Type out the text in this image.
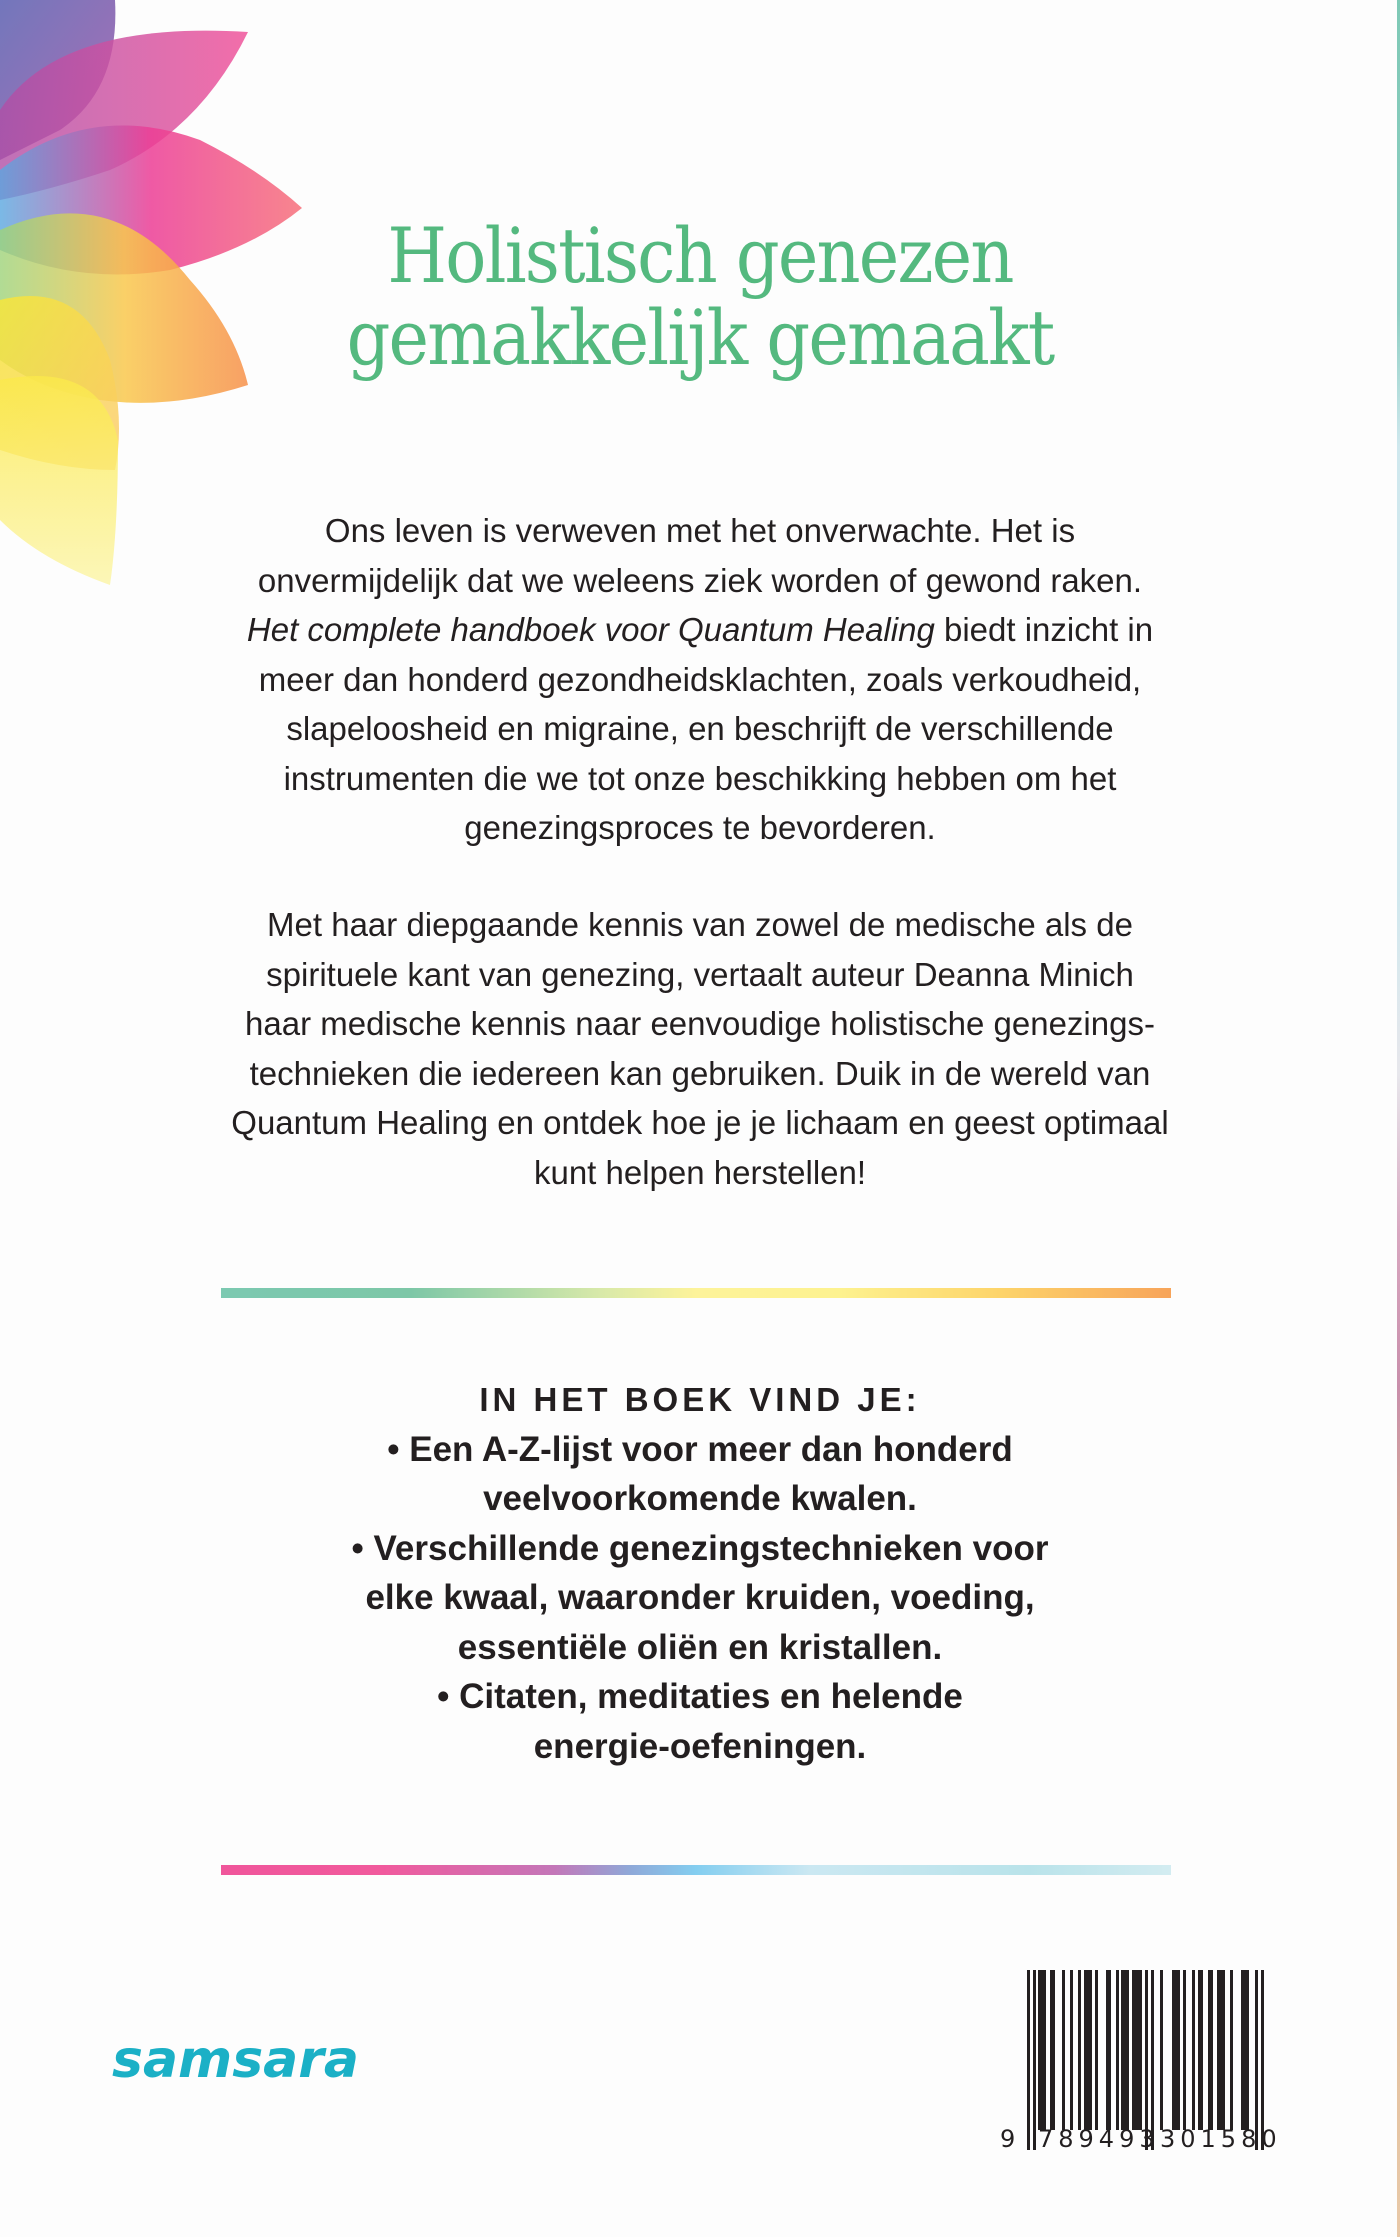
Holistisch genezen
gemakkelijk gemaakt
Ons leven is verweven met het onverwachte. Het is
onvermijdelijk dat we weleens ziek worden of gewond raken.
Het complete handboek voor Quantum Healing biedt inzicht in
meer dan honderd gezondheidsklachten, zoals verkoudheid,
slapeloosheid en migraine, en beschrijft de verschillende
instrumenten die we tot onze beschikking hebben om het
genezingsproces te bevorderen.
Met haar diepgaande kennis van zowel de medische als de
spirituele kant van genezing, vertaalt auteur Deanna Minich
haar medische kennis naar eenvoudige holistische genezings-
technieken die iedereen kan gebruiken. Duik in de wereld van
Quantum Healing en ontdek hoe je je lichaam en geest optimaal
kunt helpen herstellen!
IN HET BOEK VIND JE:
• Een A-Z-lijst voor meer dan honderd
veelvoorkomende kwalen.
• Verschillende genezingstechnieken voor
elke kwaal, waaronder kruiden, voeding,
essentiële oliën en kristallen.
• Citaten, meditaties en helende
energie-oefeningen.
samsara
9 789493 301580
